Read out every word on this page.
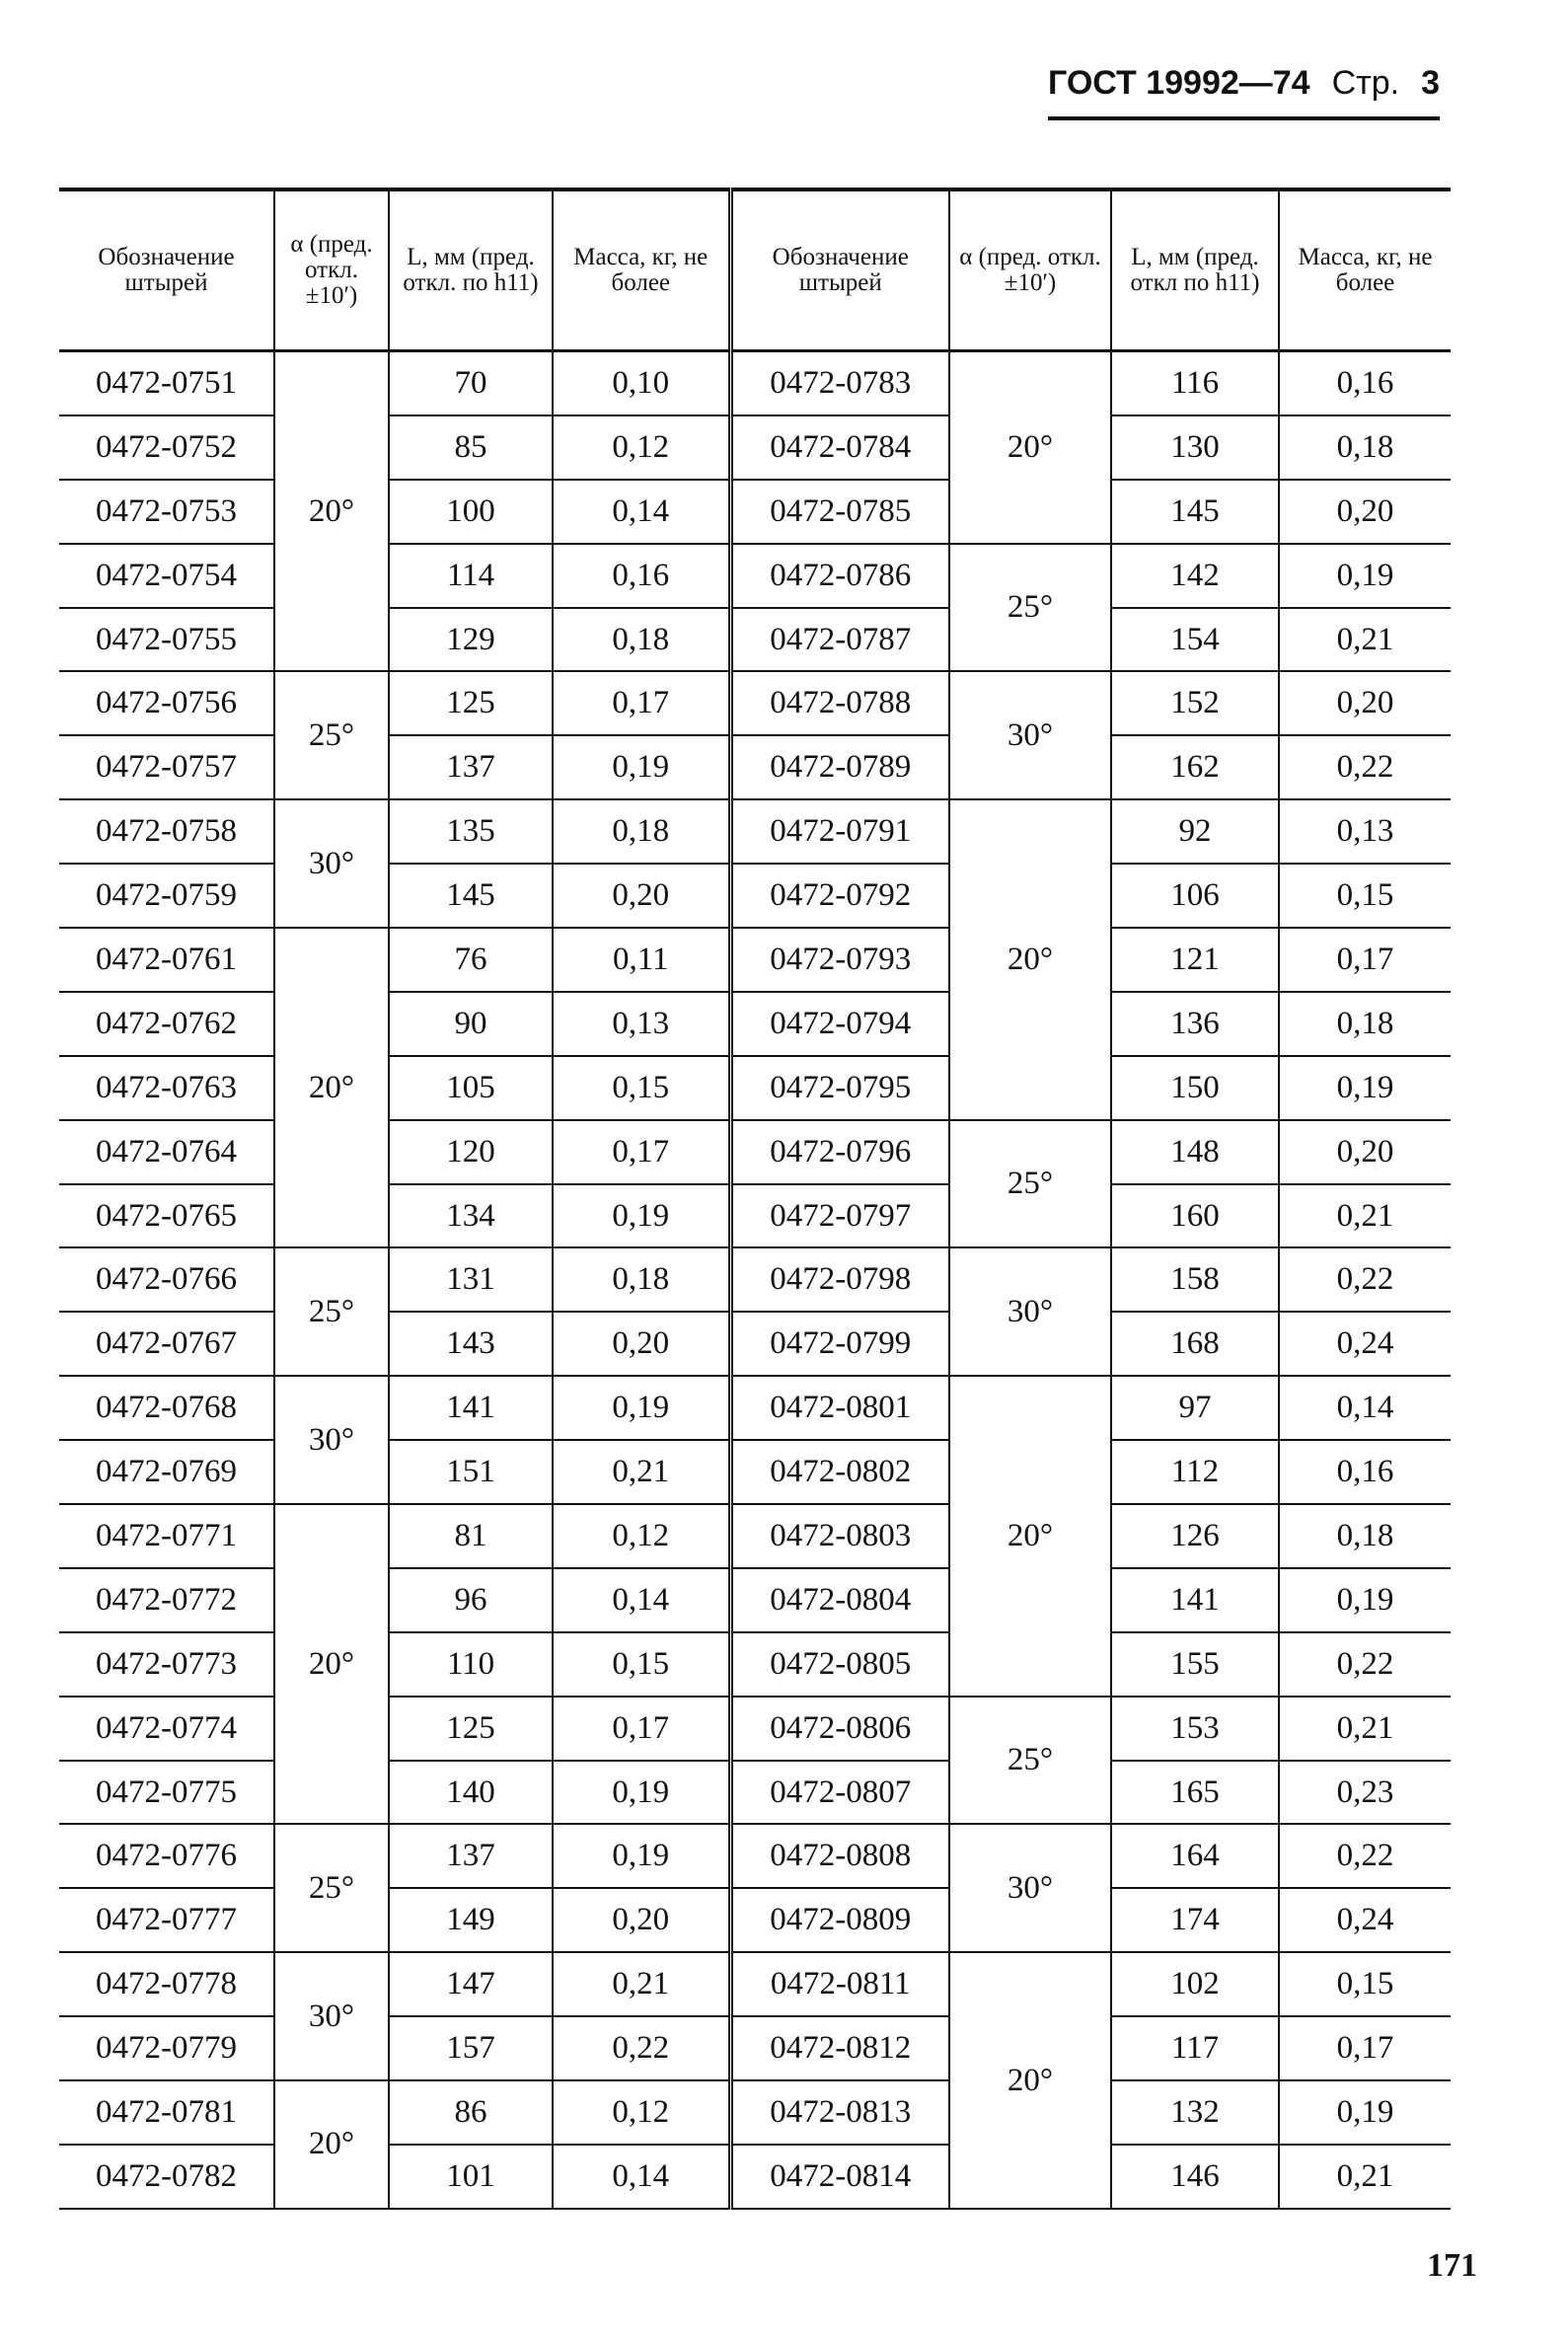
ГОСТ 19992—74 Стр. 3
Обозначение штырей	α (пред. откл. ±10′)	L, мм (пред. откл. по h11)	Масса, кг, не более	Обозначение штырей	α (пред. откл. ±10′)	L, мм (пред. откл по h11)	Масса, кг, не более
0472-0751	20°	70	0,10	0472-0783	20°	116	0,16
0472-0752		85	0,12	0472-0784		130	0,18
0472-0753		100	0,14	0472-0785		145	0,20
0472-0754		114	0,16	0472-0786	25°	142	0,19
0472-0755		129	0,18	0472-0787		154	0,21
0472-0756	25°	125	0,17	0472-0788	30°	152	0,20
0472-0757		137	0,19	0472-0789		162	0,22
0472-0758	30°	135	0,18	0472-0791	20°	92	0,13
0472-0759		145	0,20	0472-0792		106	0,15
0472-0761	20°	76	0,11	0472-0793		121	0,17
0472-0762		90	0,13	0472-0794		136	0,18
0472-0763		105	0,15	0472-0795		150	0,19
0472-0764		120	0,17	0472-0796	25°	148	0,20
0472-0765		134	0,19	0472-0797		160	0,21
0472-0766	25°	131	0,18	0472-0798	30°	158	0,22
0472-0767		143	0,20	0472-0799		168	0,24
0472-0768	30°	141	0,19	0472-0801	20°	97	0,14
0472-0769		151	0,21	0472-0802		112	0,16
0472-0771	20°	81	0,12	0472-0803		126	0,18
0472-0772		96	0,14	0472-0804		141	0,19
0472-0773		110	0,15	0472-0805		155	0,22
0472-0774		125	0,17	0472-0806	25°	153	0,21
0472-0775		140	0,19	0472-0807		165	0,23
0472-0776	25°	137	0,19	0472-0808	30°	164	0,22
0472-0777		149	0,20	0472-0809		174	0,24
0472-0778	30°	147	0,21	0472-0811	20°	102	0,15
0472-0779		157	0,22	0472-0812		117	0,17
0472-0781	20°	86	0,12	0472-0813		132	0,19
0472-0782		101	0,14	0472-0814		146	0,21
171
